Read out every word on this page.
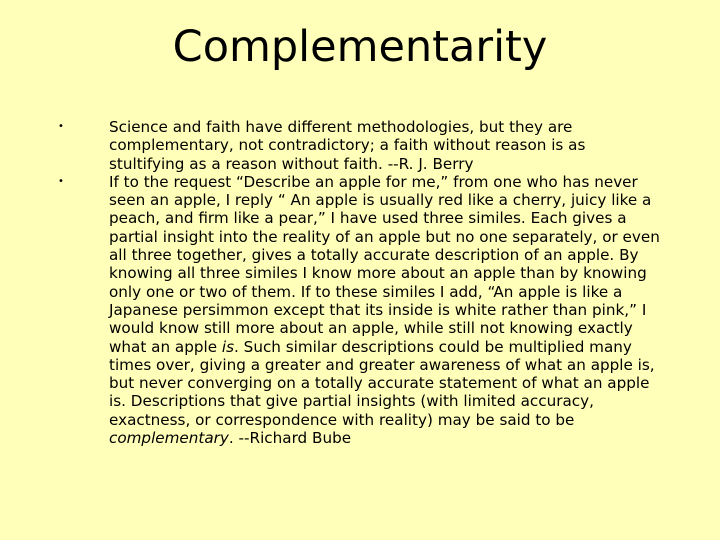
Complementarity
•	Science and faith have different methodologies, but they are complementary, not contradictory; a faith without reason is as stultifying as a reason without faith. --R. J. Berry
•	If to the request “Describe an apple for me,” from one who has never seen an apple, I reply “ An apple is usually red like a cherry, juicy like a peach, and firm like a pear,” I have used three similes. Each gives a partial insight into the reality of an apple but no one separately, or even all three together, gives a totally accurate description of an apple. By knowing all three similes I know more about an apple than by knowing only one or two of them. If to these similes I add, “An apple is like a Japanese persimmon except that its inside is white rather than pink,” I would know still more about an apple, while still not knowing exactly what an apple is. Such similar descriptions could be multiplied many times over, giving a greater and greater awareness of what an apple is, but never converging on a totally accurate statement of what an apple is. Descriptions that give partial insights (with limited accuracy, exactness, or correspondence with reality) may be said to be complementary. --Richard Bube
